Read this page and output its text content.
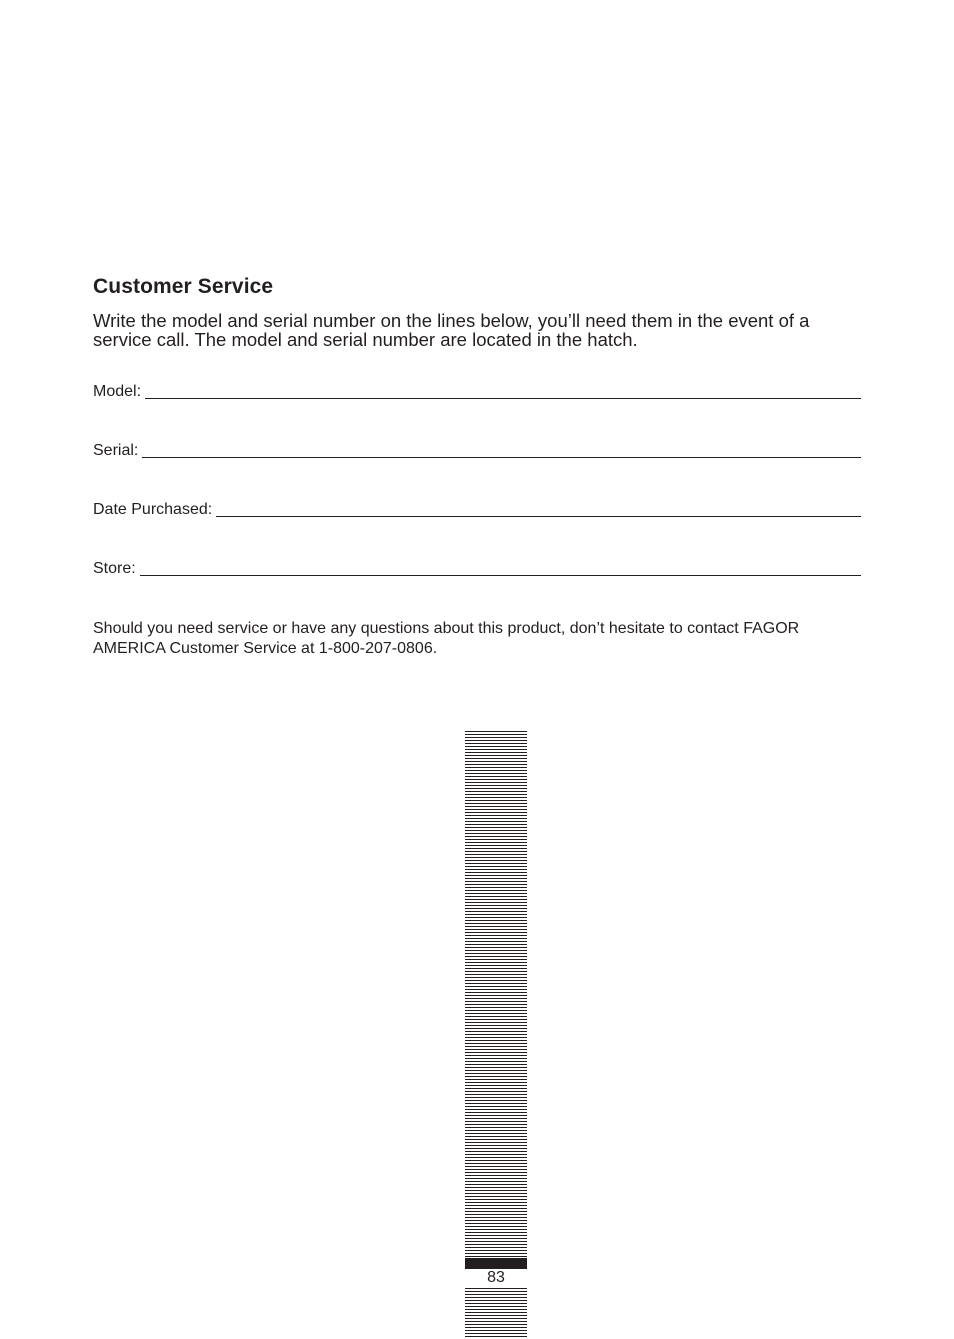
Customer Service

Write the model and serial number on the lines below, you’ll need them in the event of a service call. The model and serial number are located in the hatch.

Model:
Serial:
Date Purchased:
Store:

Should you need service or have any questions about this product, don’t hesitate to contact FAGOR AMERICA Customer Service at 1-800-207-0806.

83
